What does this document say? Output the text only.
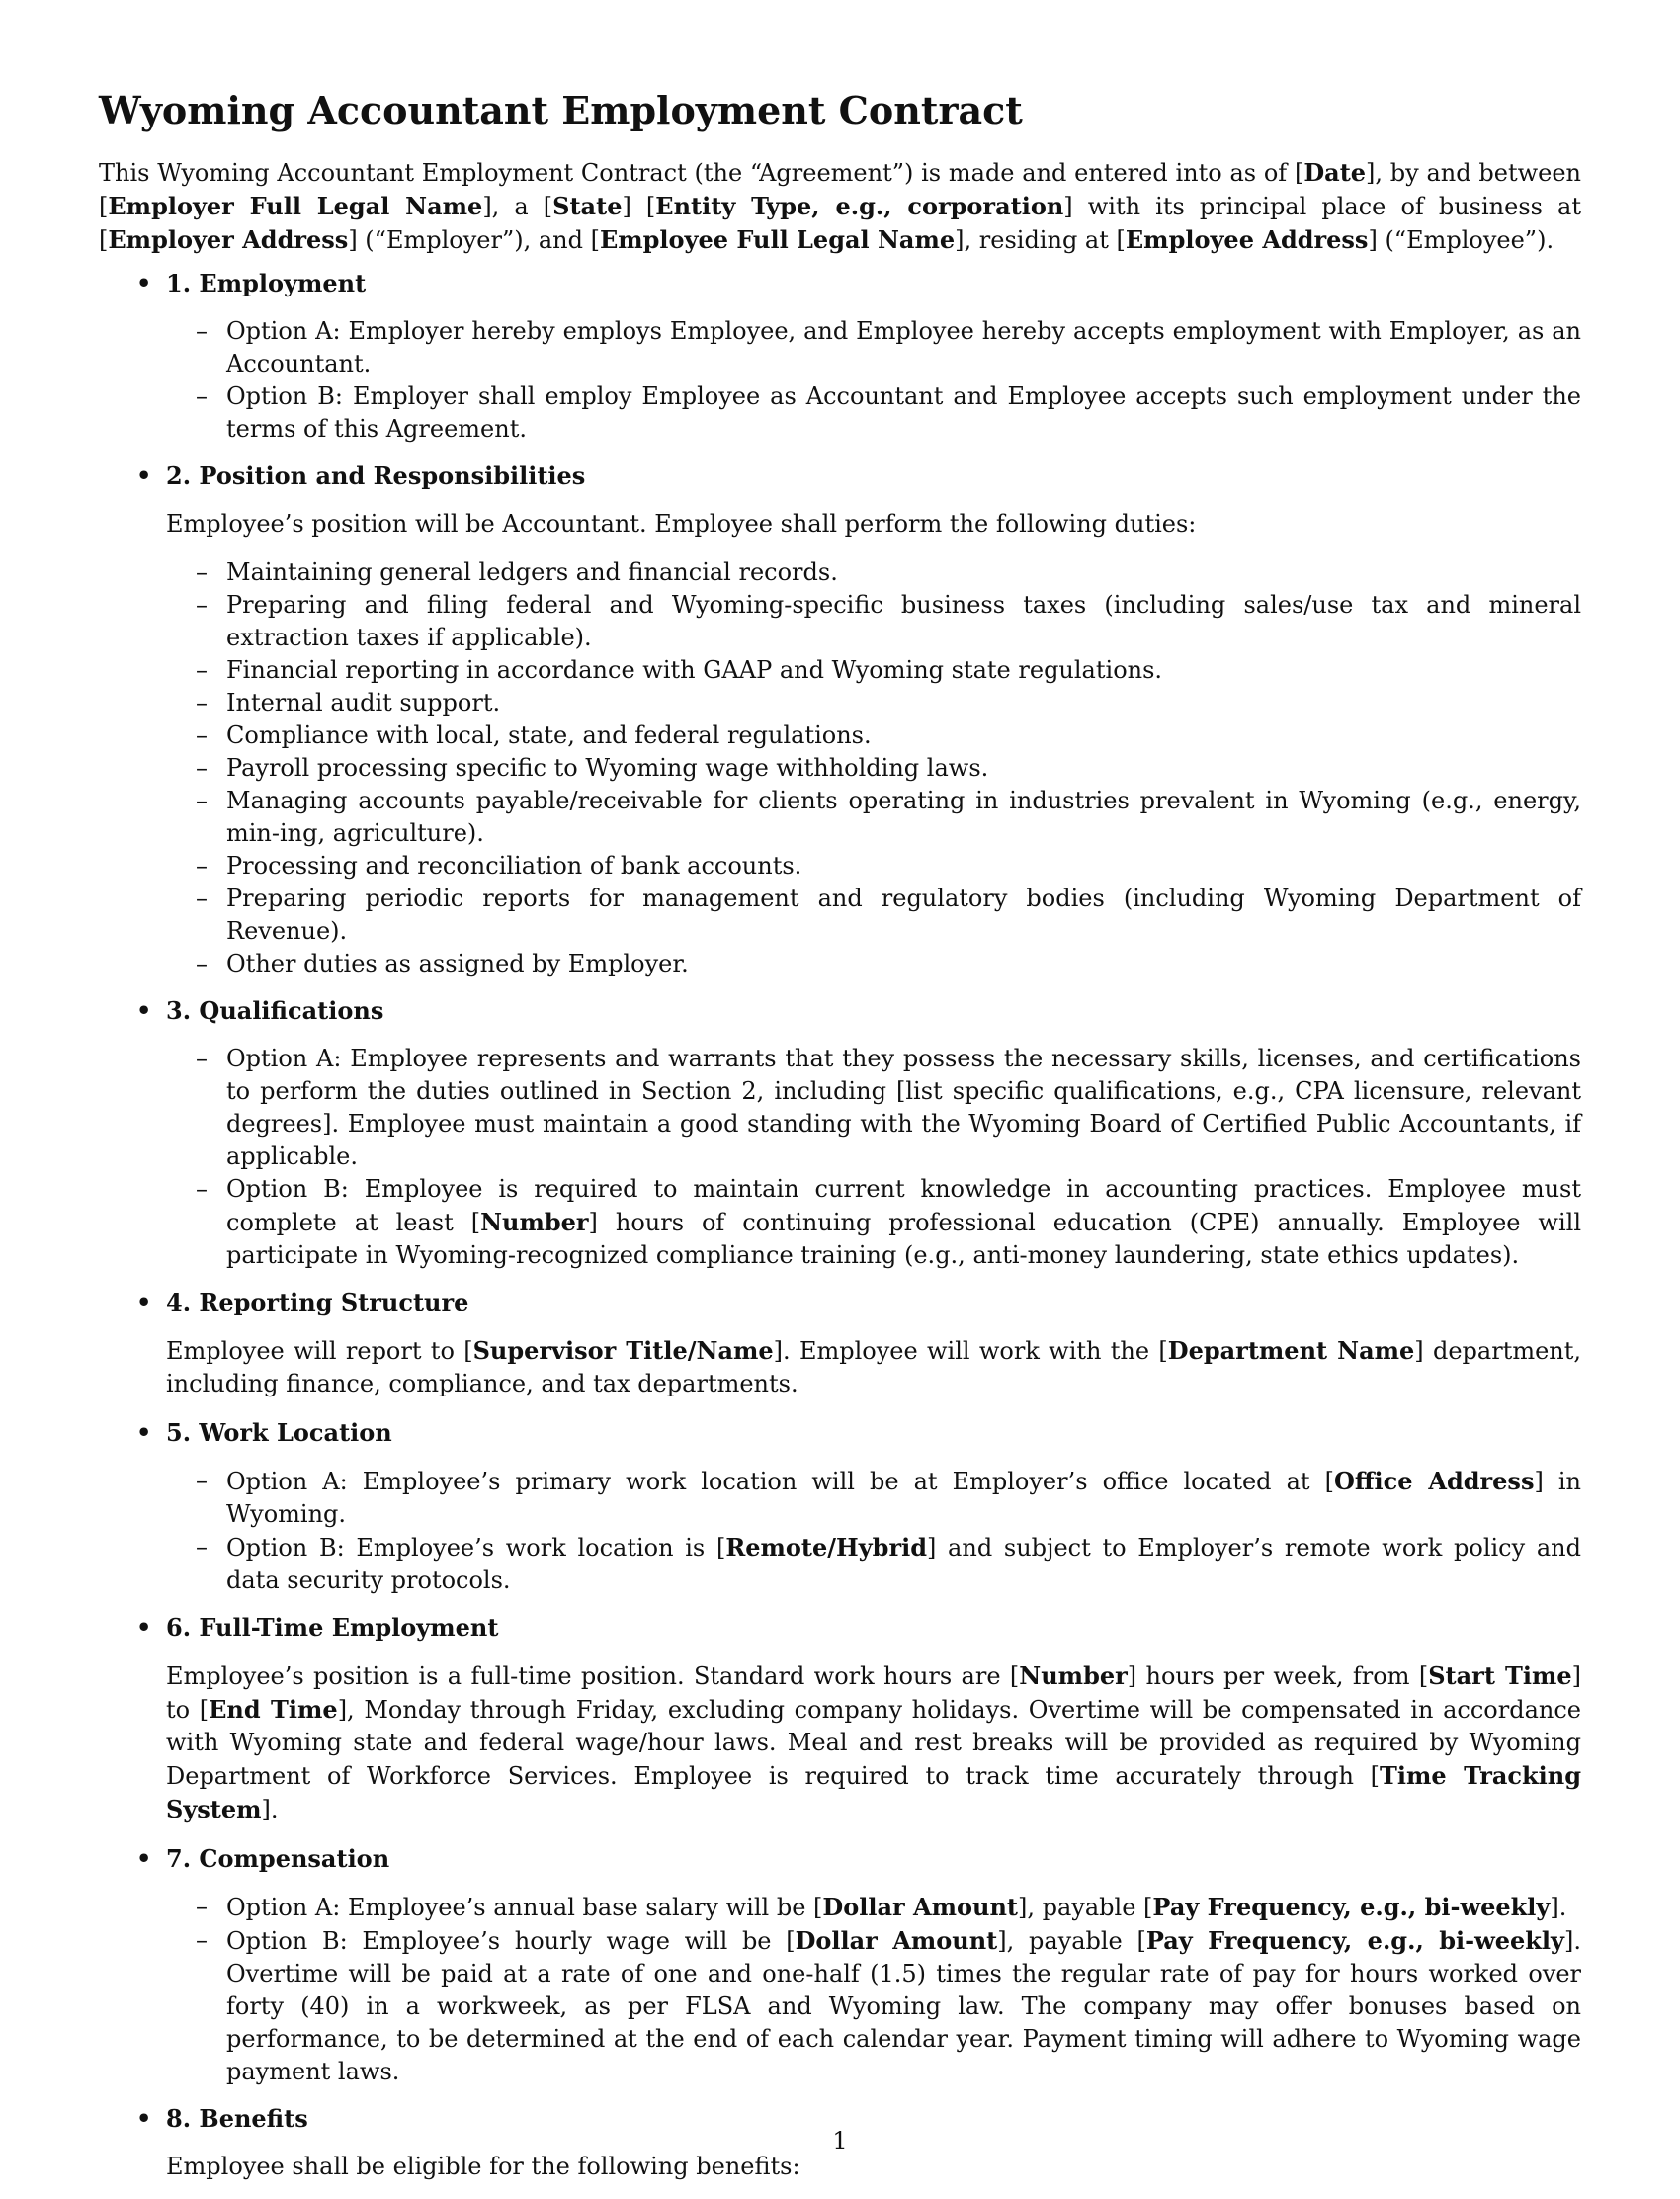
Wyoming Accountant Employment Contract

This Wyoming Accountant Employment Contract (the “Agreement”) is made and entered into as of [Date], by and between [Employer Full Legal Name], a [State] [Entity Type, e.g., corporation] with its principal place of business at [Employer Address] (“Employer”), and [Employee Full Legal Name], residing at [Employee Address] (“Employee”).

• 1. Employment
– Option A: Employer hereby employs Employee, and Employee hereby accepts employment with Employer, as an Accountant.
– Option B: Employer shall employ Employee as Accountant and Employee accepts such employment under the terms of this Agreement.
• 2. Position and Responsibilities

Employee’s position will be Accountant. Employee shall perform the following duties:

– Maintaining general ledgers and financial records.
– Preparing and filing federal and Wyoming-specific business taxes (including sales/use tax and mineral extraction taxes if applicable).
– Financial reporting in accordance with GAAP and Wyoming state regulations.
– Internal audit support.
– Compliance with local, state, and federal regulations.
– Payroll processing specific to Wyoming wage withholding laws.
– Managing accounts payable/receivable for clients operating in industries prevalent in Wyoming (e.g., energy, min-ing, agriculture).
– Processing and reconciliation of bank accounts.
– Preparing periodic reports for management and regulatory bodies (including Wyoming Department of Revenue).
– Other duties as assigned by Employer.
• 3. Qualifications
– Option A: Employee represents and warrants that they possess the necessary skills, licenses, and certifications to perform the duties outlined in Section 2, including [list specific qualifications, e.g., CPA licensure, relevant degrees]. Employee must maintain a good standing with the Wyoming Board of Certified Public Accountants, if applicable.
– Option B: Employee is required to maintain current knowledge in accounting practices. Employee must complete at least [Number] hours of continuing professional education (CPE) annually. Employee will participate in Wyoming-recognized compliance training (e.g., anti-money laundering, state ethics updates).
• 4. Reporting Structure

Employee will report to [Supervisor Title/Name]. Employee will work with the [Department Name] department, including finance, compliance, and tax departments.

• 5. Work Location
– Option A: Employee’s primary work location will be at Employer’s office located at [Office Address] in Wyoming.
– Option B: Employee’s work location is [Remote/Hybrid] and subject to Employer’s remote work policy and data security protocols.
• 6. Full-Time Employment

Employee’s position is a full-time position. Standard work hours are [Number] hours per week, from [Start Time] to [End Time], Monday through Friday, excluding company holidays. Overtime will be compensated in accordance with Wyoming state and federal wage/hour laws. Meal and rest breaks will be provided as required by Wyoming Department of Workforce Services. Employee is required to track time accurately through [Time Tracking System].

• 7. Compensation
– Option A: Employee’s annual base salary will be [Dollar Amount], payable [Pay Frequency, e.g., bi-weekly].
– Option B: Employee’s hourly wage will be [Dollar Amount], payable [Pay Frequency, e.g., bi-weekly]. Overtime will be paid at a rate of one and one-half (1.5) times the regular rate of pay for hours worked over forty (40) in a workweek, as per FLSA and Wyoming law. The company may offer bonuses based on performance, to be determined at the end of each calendar year. Payment timing will adhere to Wyoming wage payment laws.
• 8. Benefits

Employee shall be eligible for the following benefits:

1
